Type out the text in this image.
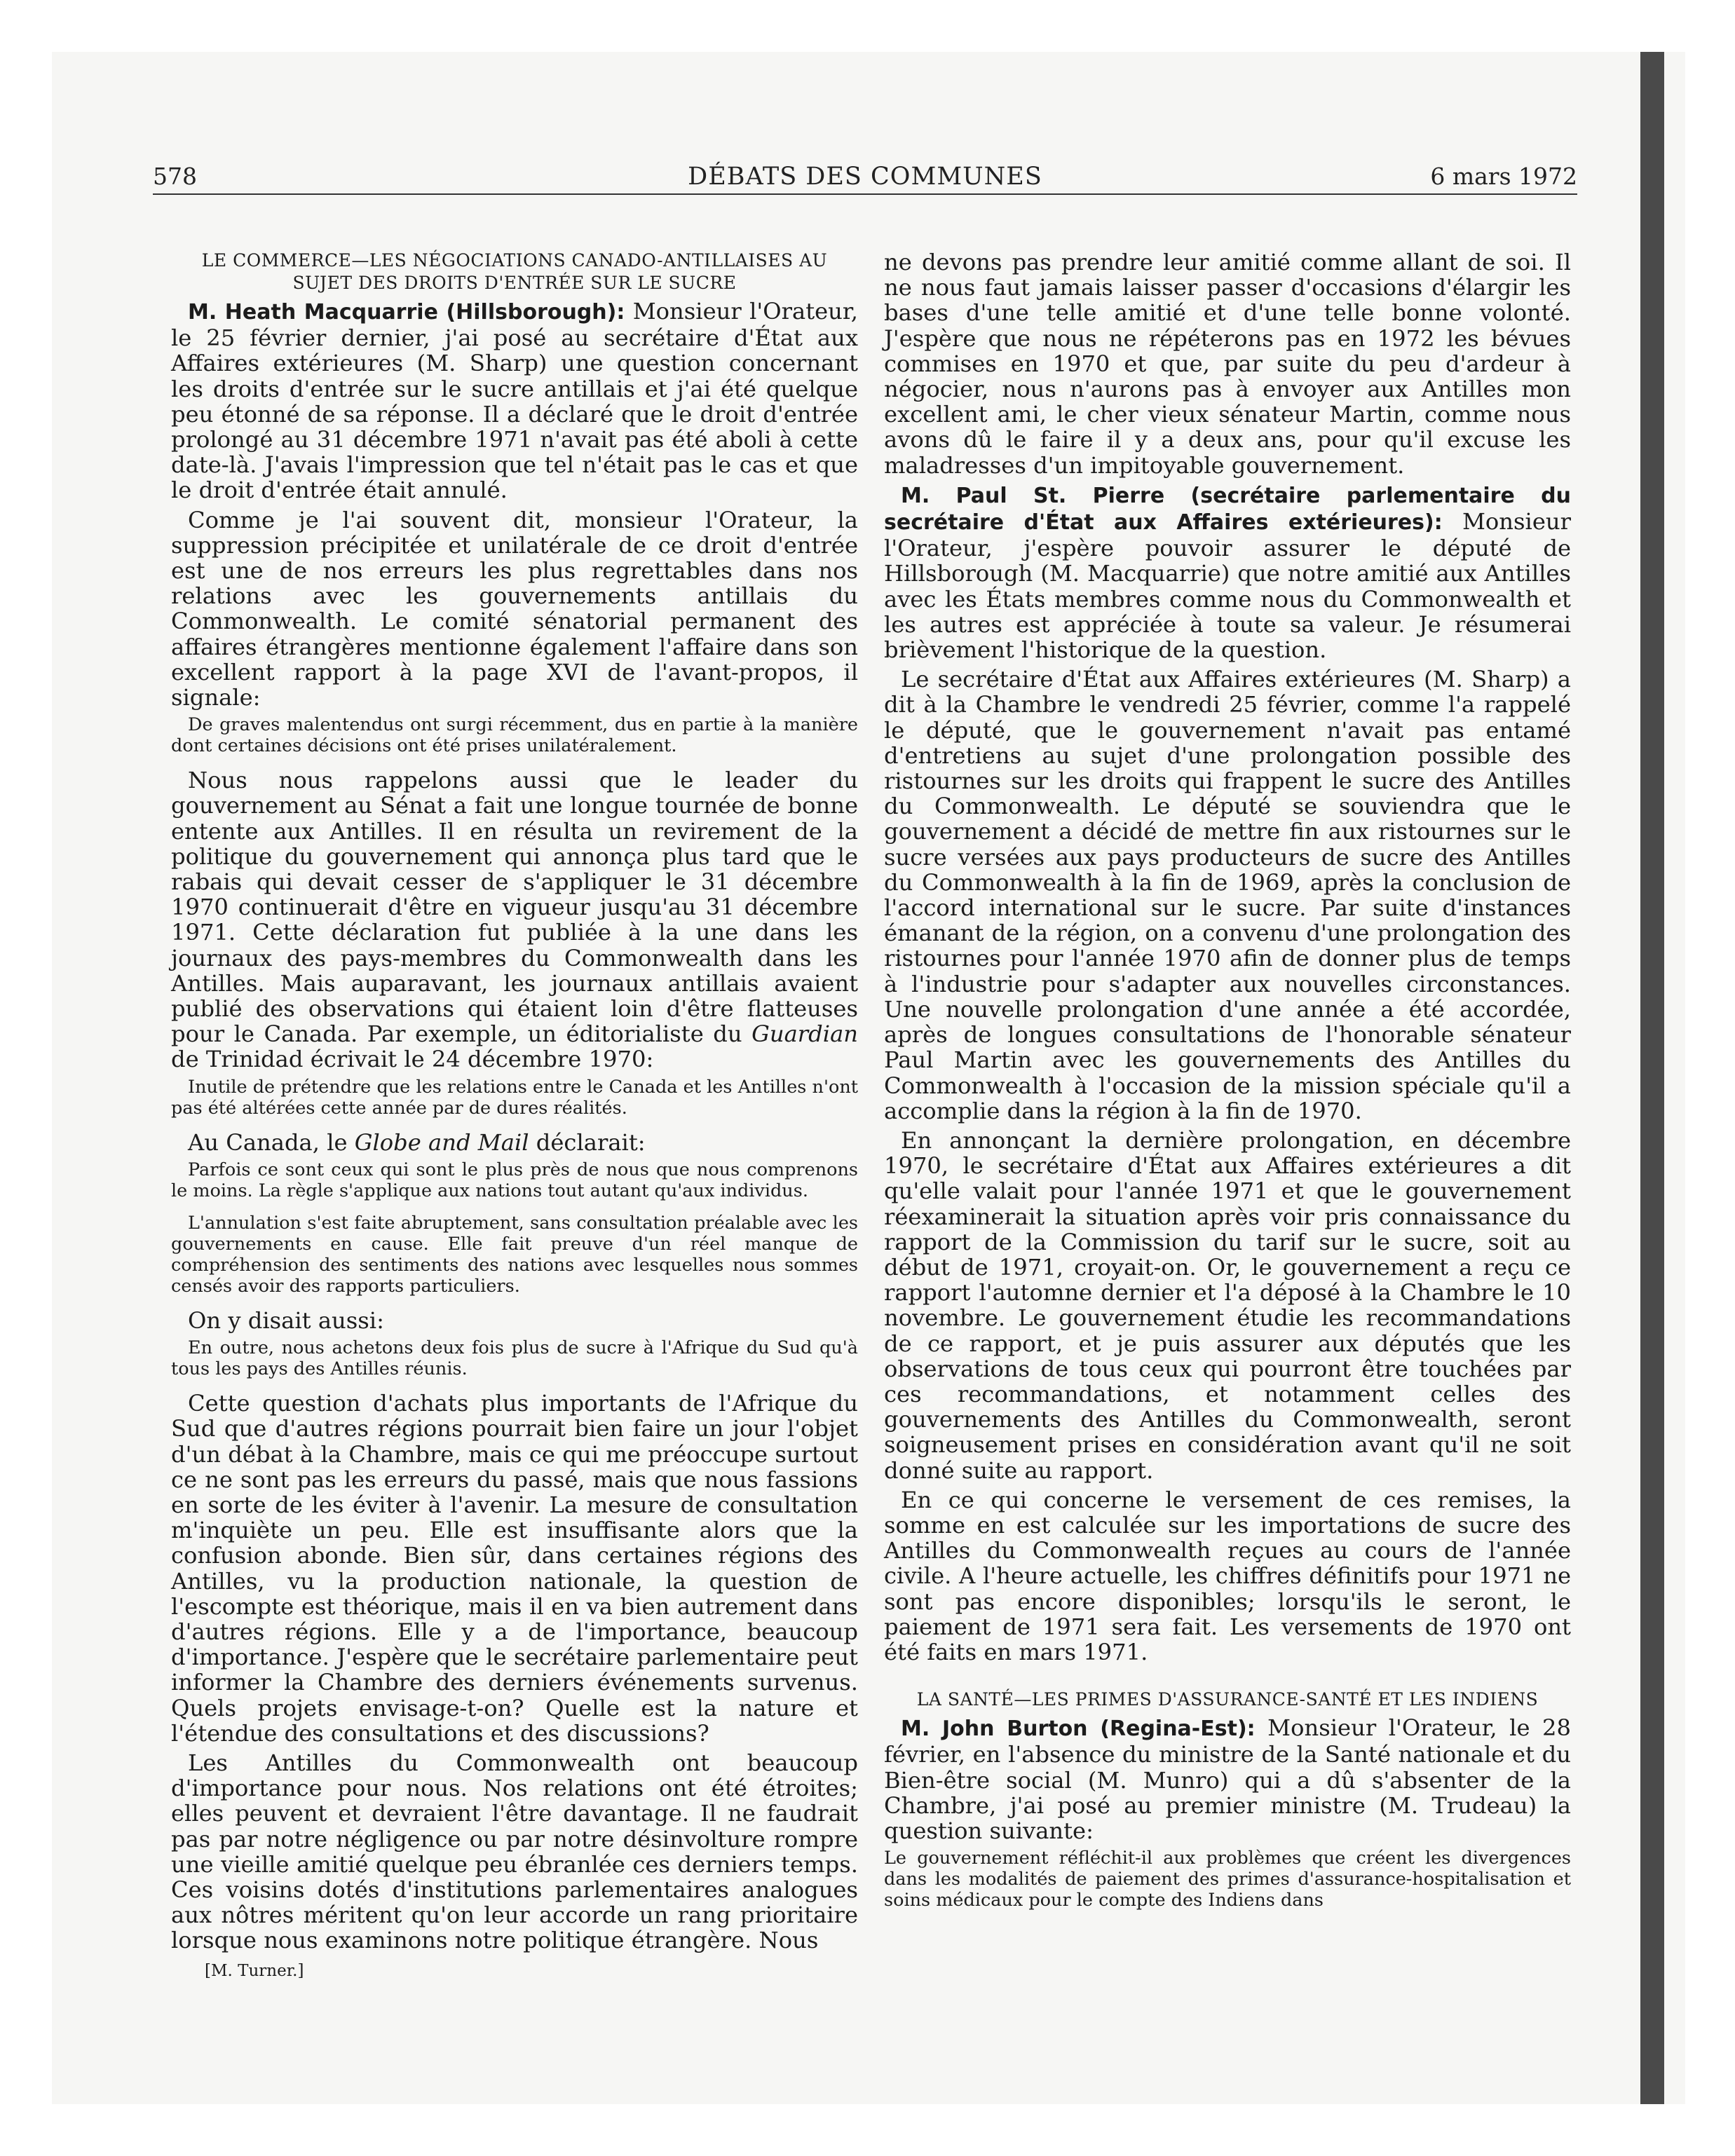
578	DÉBATS DES COMMUNES	6 mars 1972
LE COMMERCE—LES NÉGOCIATIONS CANADO-ANTILLAISES AU SUJET DES DROITS D'ENTRÉE SUR LE SUCRE

M. Heath Macquarrie (Hillsborough): Monsieur l'Orateur, le 25 février dernier, j'ai posé au secrétaire d'État aux Affaires extérieures (M. Sharp) une question concernant les droits d'entrée sur le sucre antillais et j'ai été quelque peu étonné de sa réponse. Il a déclaré que le droit d'entrée prolongé au 31 décembre 1971 n'avait pas été aboli à cette date-là. J'avais l'impression que tel n'était pas le cas et que le droit d'entrée était annulé.

Comme je l'ai souvent dit, monsieur l'Orateur, la suppression précipitée et unilatérale de ce droit d'entrée est une de nos erreurs les plus regrettables dans nos relations avec les gouvernements antillais du Commonwealth. Le comité sénatorial permanent des affaires étrangères mentionne également l'affaire dans son excellent rapport à la page XVI de l'avant-propos, il signale:

De graves malentendus ont surgi récemment, dus en partie à la manière dont certaines décisions ont été prises unilatéralement.

Nous nous rappelons aussi que le leader du gouvernement au Sénat a fait une longue tournée de bonne entente aux Antilles. Il en résulta un revirement de la politique du gouvernement qui annonça plus tard que le rabais qui devait cesser de s'appliquer le 31 décembre 1970 continuerait d'être en vigueur jusqu'au 31 décembre 1971. Cette déclaration fut publiée à la une dans les journaux des pays-membres du Commonwealth dans les Antilles. Mais auparavant, les journaux antillais avaient publié des observations qui étaient loin d'être flatteuses pour le Canada. Par exemple, un éditorialiste du Guardian de Trinidad écrivait le 24 décembre 1970:

Inutile de prétendre que les relations entre le Canada et les Antilles n'ont pas été altérées cette année par de dures réalités.

Au Canada, le Globe and Mail déclarait:

Parfois ce sont ceux qui sont le plus près de nous que nous comprenons le moins. La règle s'applique aux nations tout autant qu'aux individus.
L'annulation s'est faite abruptement, sans consultation préalable avec les gouvernements en cause. Elle fait preuve d'un réel manque de compréhension des sentiments des nations avec lesquelles nous sommes censés avoir des rapports particuliers.

On y disait aussi:

En outre, nous achetons deux fois plus de sucre à l'Afrique du Sud qu'à tous les pays des Antilles réunis.

Cette question d'achats plus importants de l'Afrique du Sud que d'autres régions pourrait bien faire un jour l'objet d'un débat à la Chambre, mais ce qui me préoccupe surtout ce ne sont pas les erreurs du passé, mais que nous fassions en sorte de les éviter à l'avenir. La mesure de consultation m'inquiète un peu. Elle est insuffisante alors que la confusion abonde. Bien sûr, dans certaines régions des Antilles, vu la production nationale, la question de l'escompte est théorique, mais il en va bien autrement dans d'autres régions. Elle y a de l'importance, beaucoup d'importance. J'espère que le secrétaire parlementaire peut informer la Chambre des derniers événements survenus. Quels projets envisage-t-on? Quelle est la nature et l'étendue des consultations et des discussions?

Les Antilles du Commonwealth ont beaucoup d'importance pour nous. Nos relations ont été étroites; elles peuvent et devraient l'être davantage. Il ne faudrait pas par notre négligence ou par notre désinvolture rompre une vieille amitié quelque peu ébranlée ces derniers temps. Ces voisins dotés d'institutions parlementaires analogues aux nôtres méritent qu'on leur accorde un rang prioritaire lorsque nous examinons notre politique étrangère. Nous

[M. Turner.]

ne devons pas prendre leur amitié comme allant de soi. Il ne nous faut jamais laisser passer d'occasions d'élargir les bases d'une telle amitié et d'une telle bonne volonté. J'espère que nous ne répéterons pas en 1972 les bévues commises en 1970 et que, par suite du peu d'ardeur à négocier, nous n'aurons pas à envoyer aux Antilles mon excellent ami, le cher vieux sénateur Martin, comme nous avons dû le faire il y a deux ans, pour qu'il excuse les maladresses d'un impitoyable gouvernement.

M. Paul St. Pierre (secrétaire parlementaire du secrétaire d'État aux Affaires extérieures): Monsieur l'Orateur, j'espère pouvoir assurer le député de Hillsborough (M. Macquarrie) que notre amitié aux Antilles avec les États membres comme nous du Commonwealth et les autres est appréciée à toute sa valeur. Je résumerai brièvement l'historique de la question.

Le secrétaire d'État aux Affaires extérieures (M. Sharp) a dit à la Chambre le vendredi 25 février, comme l'a rappelé le député, que le gouvernement n'avait pas entamé d'entretiens au sujet d'une prolongation possible des ristournes sur les droits qui frappent le sucre des Antilles du Commonwealth. Le député se souviendra que le gouvernement a décidé de mettre fin aux ristournes sur le sucre versées aux pays producteurs de sucre des Antilles du Commonwealth à la fin de 1969, après la conclusion de l'accord international sur le sucre. Par suite d'instances émanant de la région, on a convenu d'une prolongation des ristournes pour l'année 1970 afin de donner plus de temps à l'industrie pour s'adapter aux nouvelles circonstances. Une nouvelle prolongation d'une année a été accordée, après de longues consultations de l'honorable sénateur Paul Martin avec les gouvernements des Antilles du Commonwealth à l'occasion de la mission spéciale qu'il a accomplie dans la région à la fin de 1970.

En annonçant la dernière prolongation, en décembre 1970, le secrétaire d'État aux Affaires extérieures a dit qu'elle valait pour l'année 1971 et que le gouvernement réexaminerait la situation après voir pris connaissance du rapport de la Commission du tarif sur le sucre, soit au début de 1971, croyait-on. Or, le gouvernement a reçu ce rapport l'automne dernier et l'a déposé à la Chambre le 10 novembre. Le gouvernement étudie les recommandations de ce rapport, et je puis assurer aux députés que les observations de tous ceux qui pourront être touchées par ces recommandations, et notamment celles des gouvernements des Antilles du Commonwealth, seront soigneusement prises en considération avant qu'il ne soit donné suite au rapport.

En ce qui concerne le versement de ces remises, la somme en est calculée sur les importations de sucre des Antilles du Commonwealth reçues au cours de l'année civile. A l'heure actuelle, les chiffres définitifs pour 1971 ne sont pas encore disponibles; lorsqu'ils le seront, le paiement de 1971 sera fait. Les versements de 1970 ont été faits en mars 1971.

LA SANTÉ—LES PRIMES D'ASSURANCE-SANTÉ ET LES INDIENS

M. John Burton (Regina-Est): Monsieur l'Orateur, le 28 février, en l'absence du ministre de la Santé nationale et du Bien-être social (M. Munro) qui a dû s'absenter de la Chambre, j'ai posé au premier ministre (M. Trudeau) la question suivante:

Le gouvernement réfléchit-il aux problèmes que créent les divergences dans les modalités de paiement des primes d'assurance-hospitalisation et soins médicaux pour le compte des Indiens dans
